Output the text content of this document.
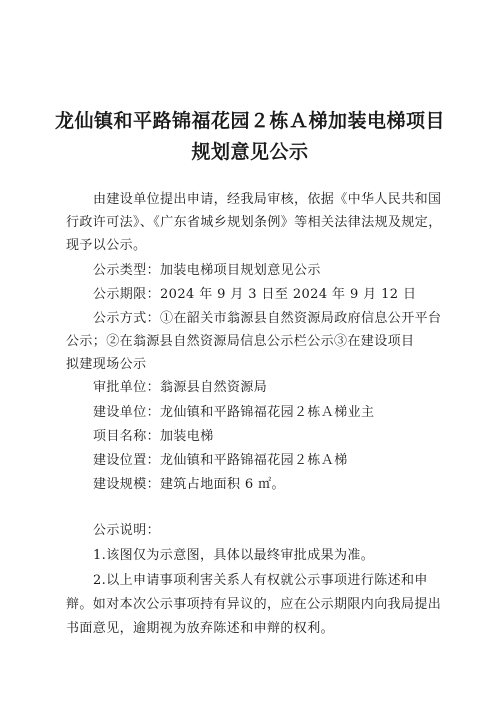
龙仙镇和平路锦福花园２栋Ａ梯加装电梯项目
规划意见公示
由建设单位提出申请，经我局审核，依据《中华人民共和国
行政许可法》、《广东省城乡规划条例》等相关法律法规及规定，
现予以公示。
公示类型：加装电梯项目规划意见公示
公示期限：2024 年 9 月 3 日至 2024 年 9 月 12 日
公示方式：①在韶关市翁源县自然资源局政府信息公开平台
公示；②在翁源县自然资源局信息公示栏公示③在建设项目
拟建现场公示
审批单位：翁源县自然资源局
建设单位：龙仙镇和平路锦福花园２栋Ａ梯业主
项目名称：加装电梯
建设位置：龙仙镇和平路锦福花园２栋Ａ梯
建设规模：建筑占地面积 6 ㎡。
公示说明：
1.该图仅为示意图，具体以最终审批成果为准。
2.以上申请事项利害关系人有权就公示事项进行陈述和申
辩。如对本次公示事项持有异议的，应在公示期限内向我局提出
书面意见，逾期视为放弃陈述和申辩的权利。
